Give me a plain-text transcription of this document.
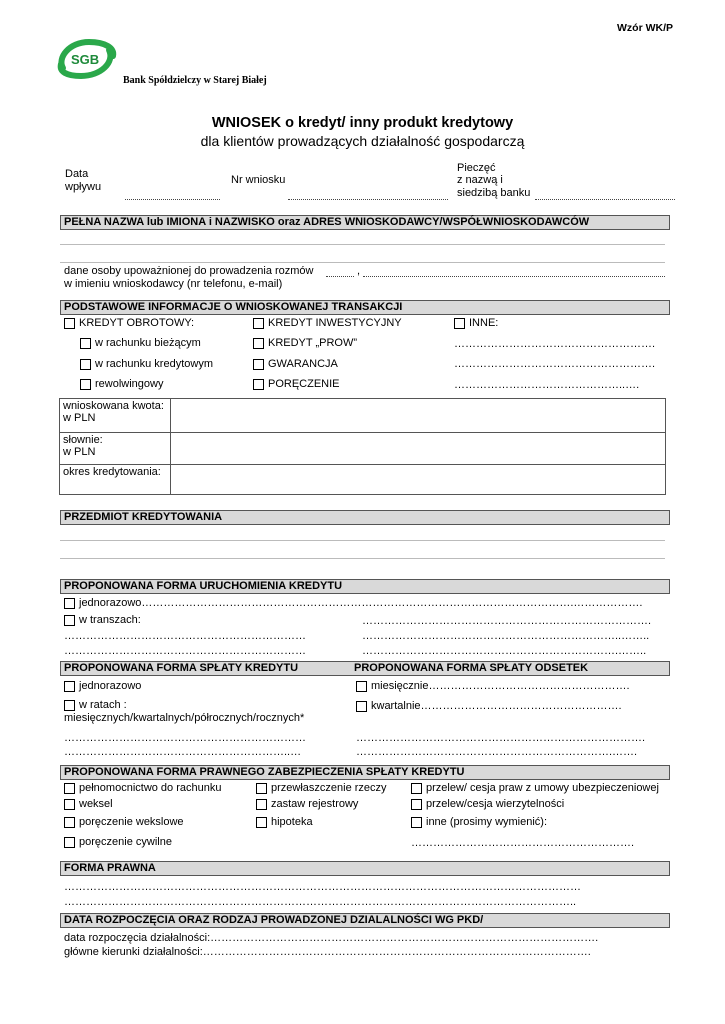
Wzór WK/P
SGB
Bank Spółdzielczy w Starej Białej
WNIOSEK o kredyt/ inny produkt kredytowy
dla klientów prowadzących działalność gospodarczą
Data
wpływu
Nr wniosku
Pieczęć
z nazwą i
siedzibą banku
PEŁNA NAZWA lub IMIONA i NAZWISKO oraz ADRES WNIOSKODAWCY/WSPÓŁWNIOSKODAWCÓW
dane osoby upoważnionej do prowadzenia rozmów	,
w imieniu wnioskodawcy (nr telefonu, e-mail)
PODSTAWOWE INFORMACJE O WNIOSKOWANEJ TRANSAKCJI
KREDYT OBROTOWY:
w rachunku bieżącym
w rachunku kredytowym
rewolwingowy
KREDYT INWESTYCYJNY
KREDYT „PROW”
GWARANCJA
PORĘCZENIE
INNE:
……………………………………………….
……………………………………………….
………………………………………..….
wnioskowana kwota:
w PLN	

słownie:
w PLN	

okres kredytowania:	

PRZEDMIOT KREDYTOWANIA
PROPONOWANA FORMA URUCHOMIENIA KREDYTU
jednorazowo……………………………………………………………………………………………………….……………….
w transzach:	…………………………………………………………………….
…………………………………………………………	……………………………………………………………..……..
…………………………………………………………	…………………………………………………………….……..
PROPONOWANA FORMA SPŁATY KREDYTU	PROPONOWANA FORMA SPŁATY ODSETEK
jednorazowo
w ratach :
miesięcznych/kwartalnych/półrocznych/rocznych*
miesięcznie……………………………………………….
kwartalnie……………………………………………….
…………………………………………………………	…………………………………………………………………….
……………………………………………………..…	…………………………………………………………….…….
PROPONOWANA FORMA PRAWNEGO ZABEZPIECZENIA SPŁATY KREDYTU
pełnomocnictwo do rachunku
weksel
poręczenie wekslowe
poręczenie cywilne
przewłaszczenie rzeczy
zastaw rejestrowy
hipoteka
przelew/ cesja praw z umowy ubezpieczeniowej
przelew/cesja wierzytelności
inne (prosimy wymienić):
…………………………………………………….
FORMA PRAWNA
……………………………………………………………………………………………………………………………
…………………………………………………………………………………………………………………………..
DATA ROZPOCZĘCIA ORAZ RODZAJ PROWADZONEJ DZIALALNOŚCI WG PKD/
data rozpoczęcia działalności:…………………………………………………………………………………………….
główne kierunki działalności:…………………………………………………………………………………………….
